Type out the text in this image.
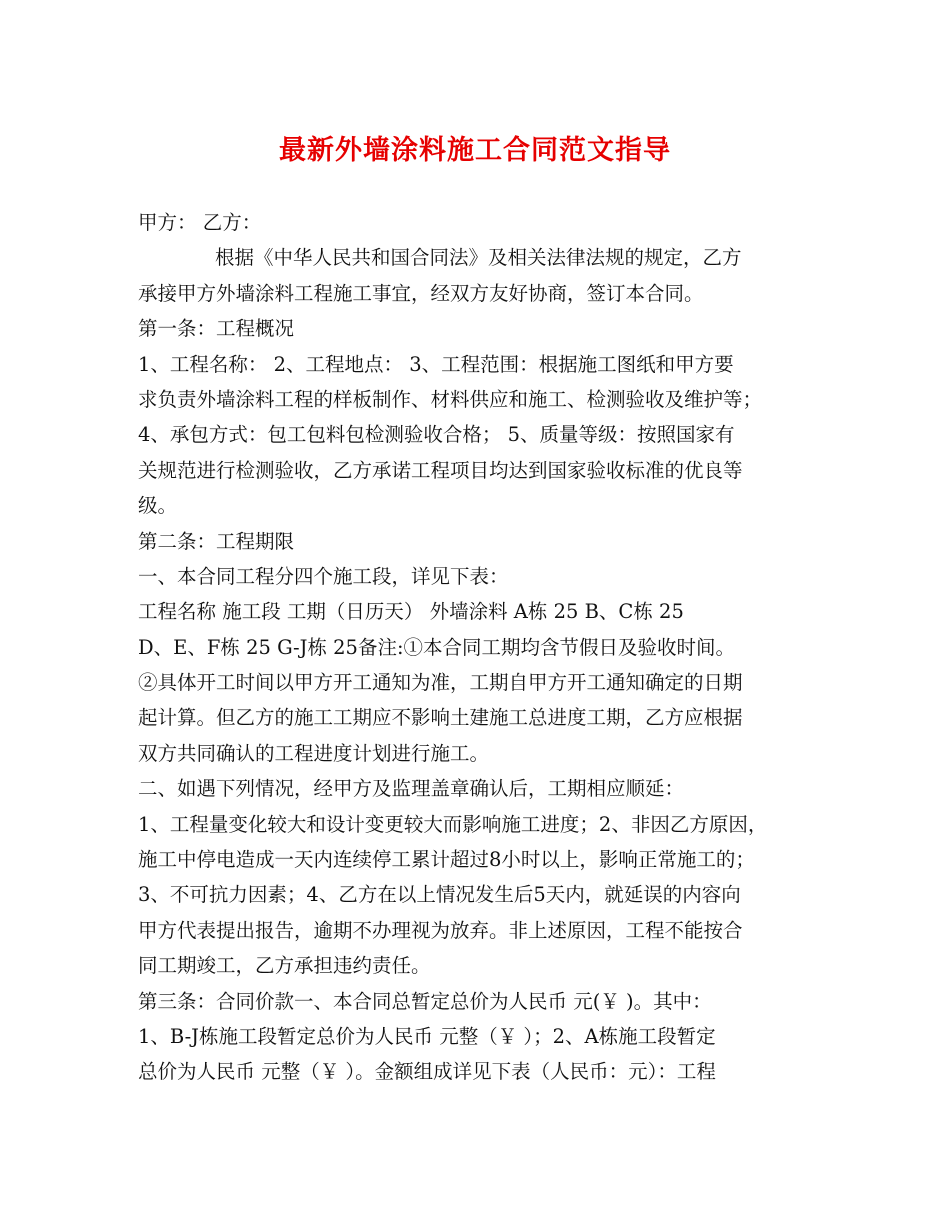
最新外墙涂料施工合同范文指导
甲方： 乙方：
根据《中华人民共和国合同法》及相关法律法规的规定，乙方
承接甲方外墙涂料工程施工事宜，经双方友好协商，签订本合同。
第一条：工程概况
1、工程名称： 2、工程地点： 3、工程范围：根据施工图纸和甲方要
求负责外墙涂料工程的样板制作、材料供应和施工、检测验收及维护等；
4、承包方式：包工包料包检测验收合格； 5、质量等级：按照国家有
关规范进行检测验收，乙方承诺工程项目均达到国家验收标准的优良等
级。
第二条：工程期限
一、本合同工程分四个施工段，详见下表：
工程名称 施工段 工期（日历天） 外墙涂料 A栋 25 B、C栋 25
D、E、F栋 25 G-J栋 25备注:①本合同工期均含节假日及验收时间。
②具体开工时间以甲方开工通知为准，工期自甲方开工通知确定的日期
起计算。但乙方的施工工期应不影响土建施工总进度工期，乙方应根据
双方共同确认的工程进度计划进行施工。
二、如遇下列情况，经甲方及监理盖章确认后，工期相应顺延：
1、工程量变化较大和设计变更较大而影响施工进度；2、非因乙方原因，
施工中停电造成一天内连续停工累计超过8小时以上，影响正常施工的；
3、不可抗力因素；4、乙方在以上情况发生后5天内，就延误的内容向
甲方代表提出报告，逾期不办理视为放弃。非上述原因，工程不能按合
同工期竣工，乙方承担违约责任。
第三条：合同价款一、本合同总暂定总价为人民币 元(￥ )。其中：
1、B-J栋施工段暂定总价为人民币 元整（￥ ）；2、A栋施工段暂定
总价为人民币 元整（￥ ）。金额组成详见下表（人民币：元）：工程
